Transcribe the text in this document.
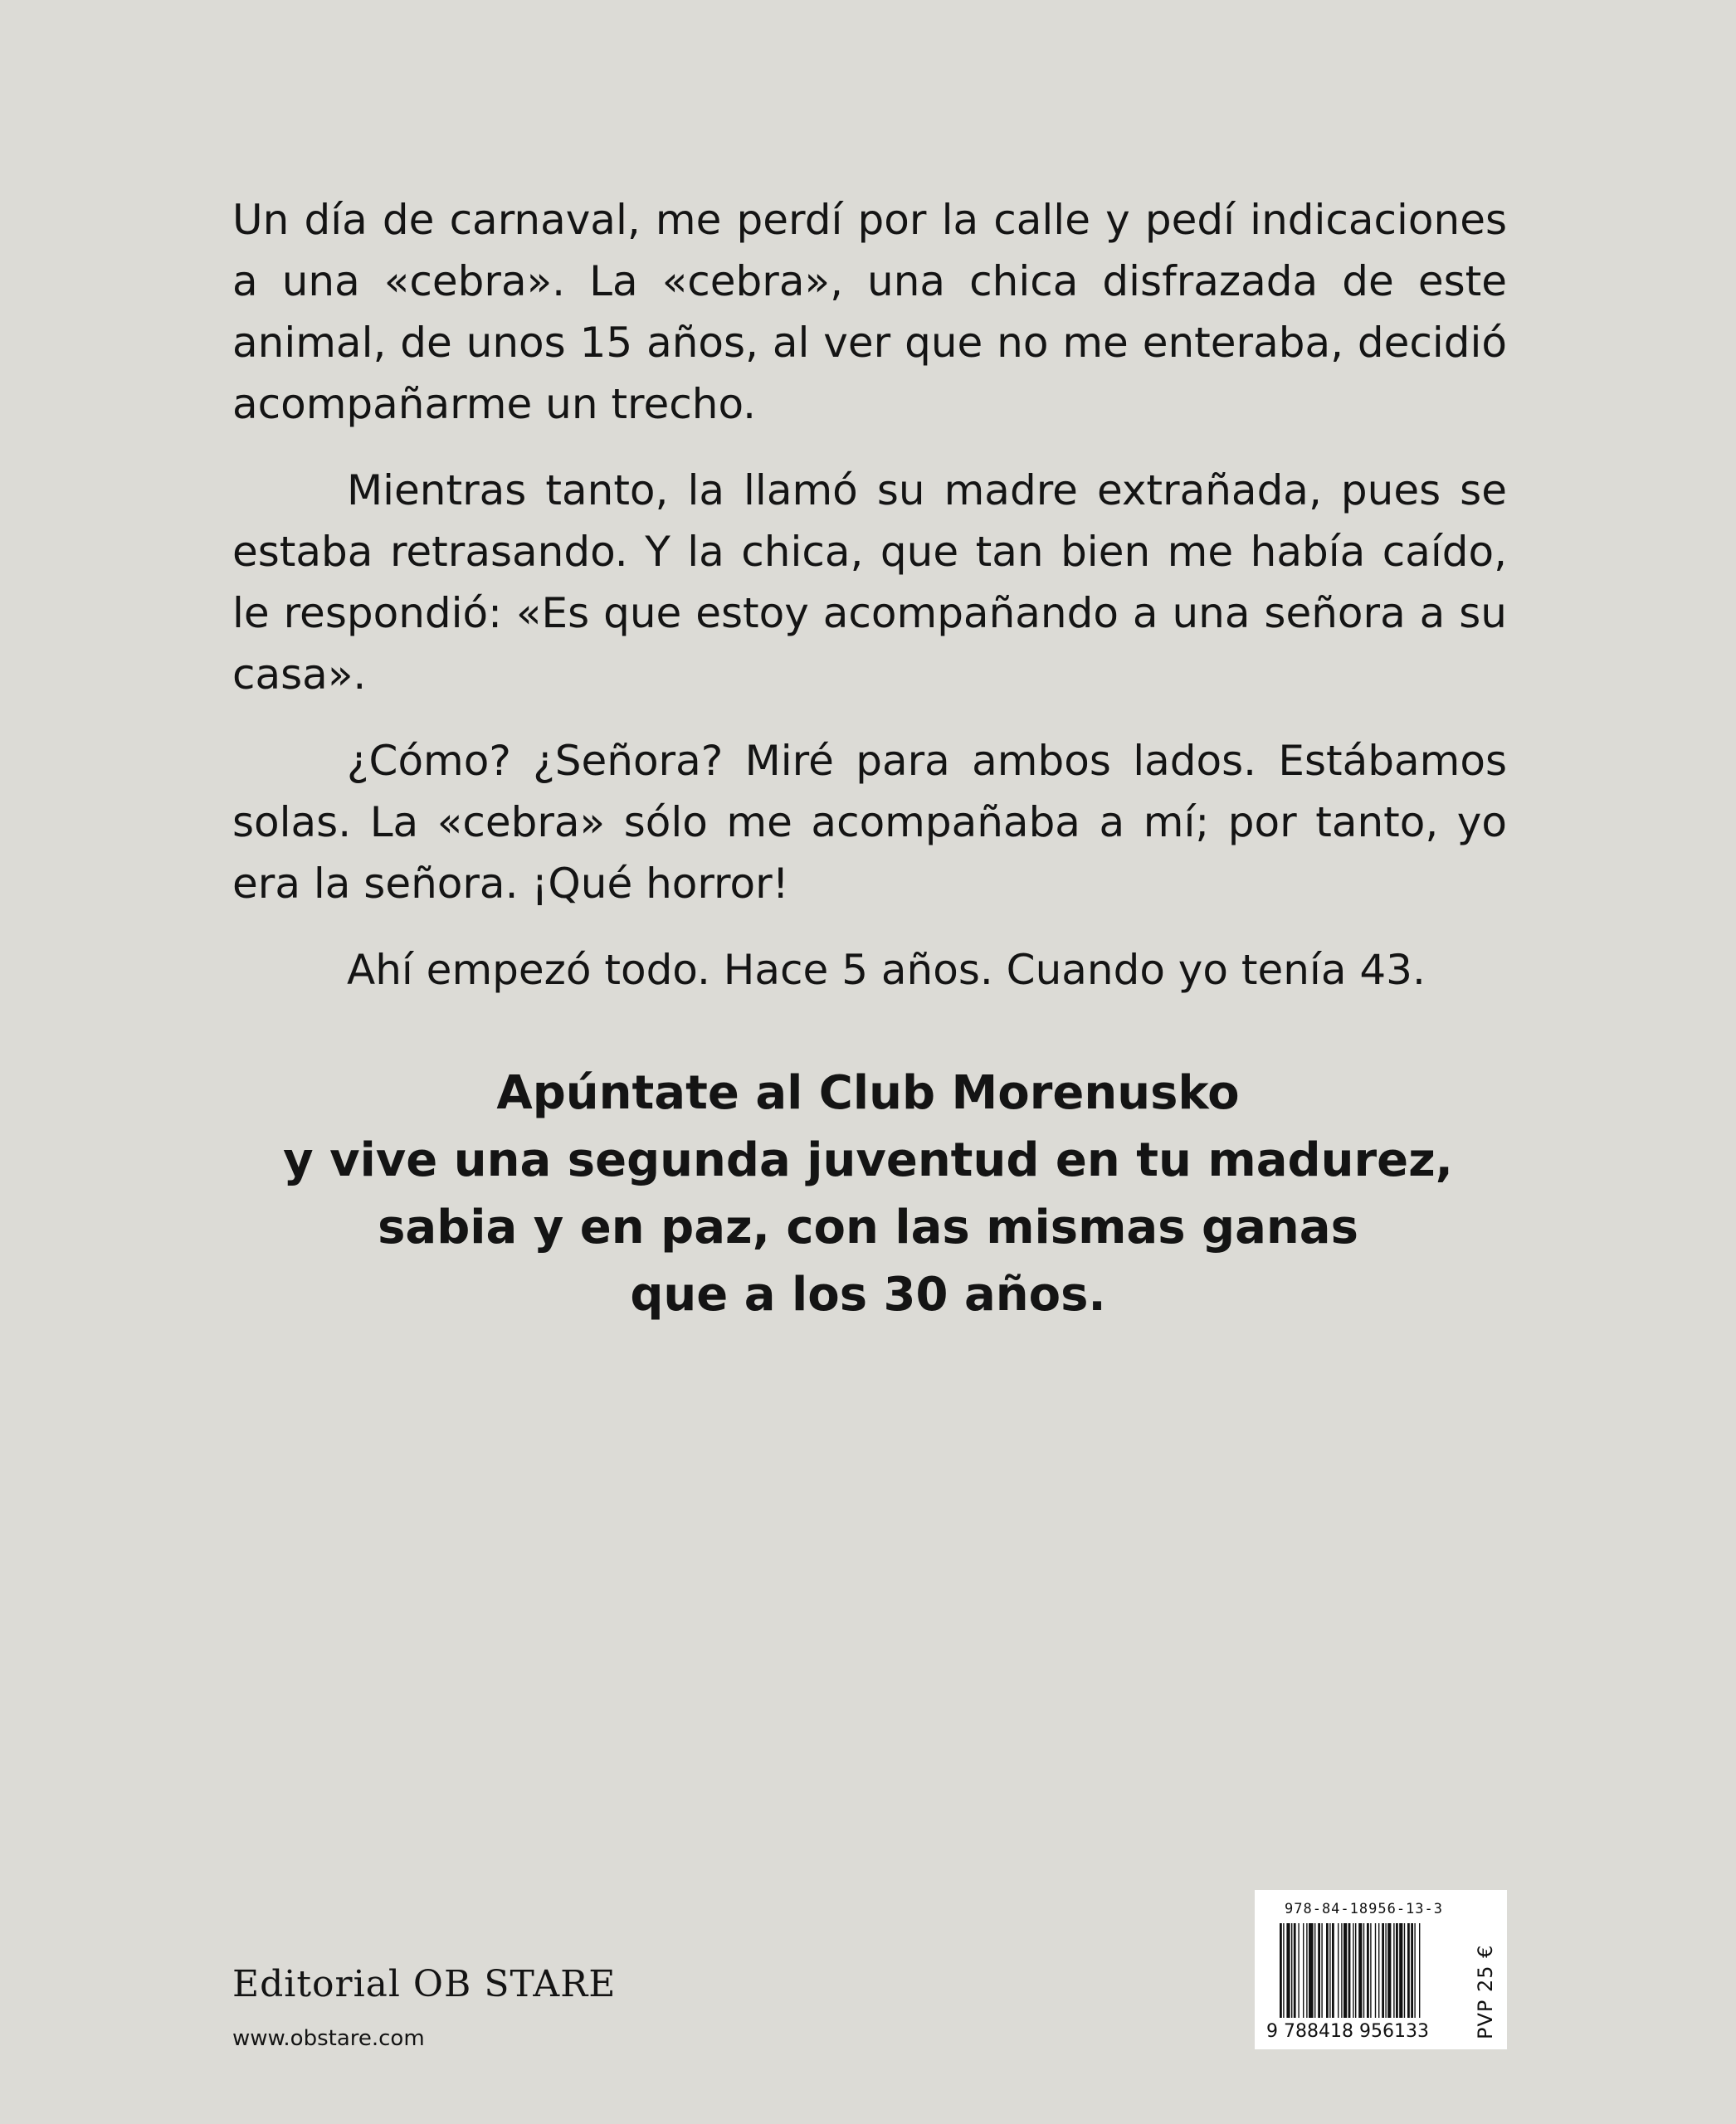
Un día de carnaval, me perdí por la calle y pedí indicaciones a una «cebra». La «cebra», una chica disfrazada de este animal, de unos 15 años, al ver que no me enteraba, decidió acompañarme un trecho.

Mientras tanto, la llamó su madre extrañada, pues se estaba retrasando. Y la chica, que tan bien me había caído, le respondió: «Es que estoy acompañando a una señora a su casa».

¿Cómo? ¿Señora? Miré para ambos lados. Estábamos solas. La «cebra» sólo me acompañaba a mí; por tanto, yo era la señora. ¡Qué horror!

Ahí empezó todo. Hace 5 años. Cuando yo tenía 43.

Apúntate al Club Morenusko
y vive una segunda juventud en tu madurez,
sabia y en paz, con las mismas ganas
que a los 30 años.
Editorial OB STARE
www.obstare.com
978-84-18956-13-3
9 788418 956133 PVP 25 €
